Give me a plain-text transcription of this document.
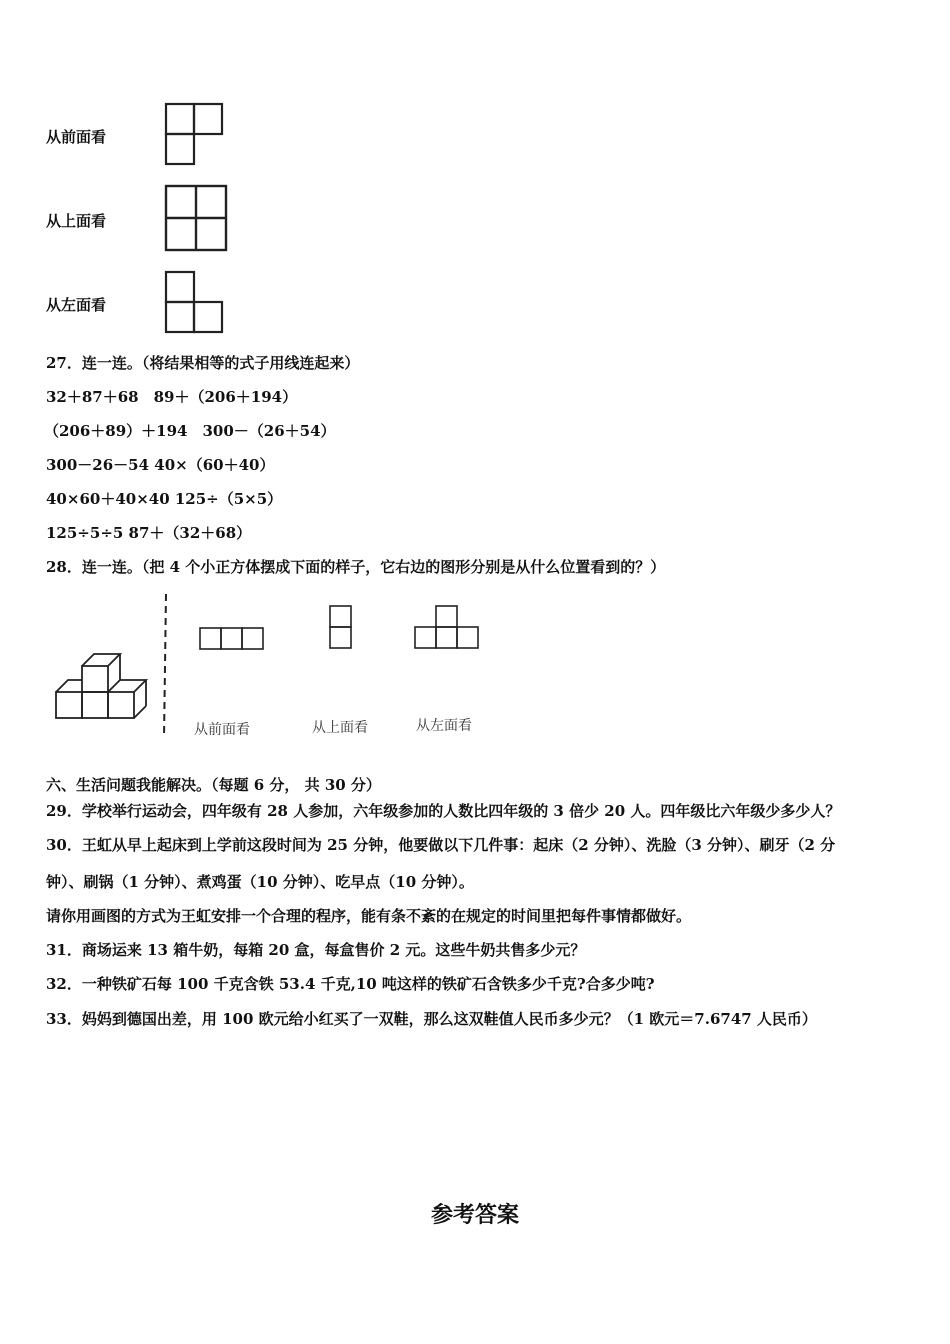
从前面看
从上面看
从左面看
27．连一连。（将结果相等的式子用线连起来）
32＋87＋68　89＋（206＋194）
（206＋89）＋194　300－（26＋54）
300－26－54 40×（60＋40）
40×60＋40×40 125÷（5×5）
125÷5÷5 87＋（32＋68）
28．连一连。（把 4 个小正方体摆成下面的样子，它右边的图形分别是从什么位置看到的？）
从前面看	从上面看	从左面看
六、生活问题我能解决。（每题 6 分， 共 30 分）
29．学校举行运动会，四年级有 28 人参加，六年级参加的人数比四年级的 3 倍少 20 人。四年级比六年级少多少人？
30．王虹从早上起床到上学前这段时间为 25 分钟，他要做以下几件事：起床（2 分钟）、洗脸（3 分钟）、刷牙（2 分
钟）、刷锅（1 分钟）、煮鸡蛋（10 分钟）、吃早点（10 分钟）。
请你用画图的方式为王虹安排一个合理的程序，能有条不紊的在规定的时间里把每件事情都做好。
31．商场运来 13 箱牛奶，每箱 20 盒，每盒售价 2 元。这些牛奶共售多少元？
32．一种铁矿石每 100 千克含铁 53.4 千克,10 吨这样的铁矿石含铁多少千克?合多少吨?
33．妈妈到德国出差，用 100 欧元给小红买了一双鞋，那么这双鞋值人民币多少元？（1 欧元＝7.6747 人民币）
参考答案
